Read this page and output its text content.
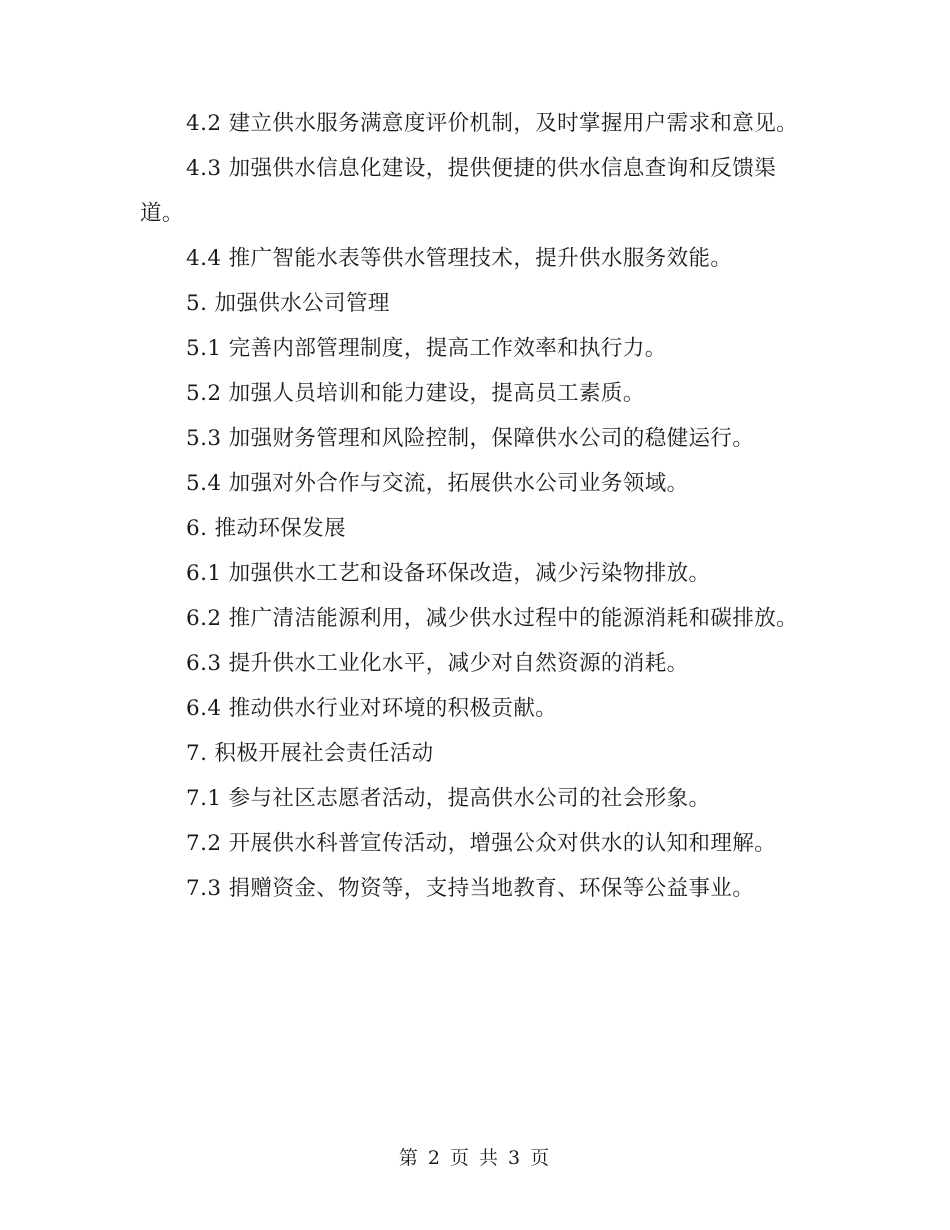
4.2 建立供水服务满意度评价机制，及时掌握用户需求和意见。

4.3 加强供水信息化建设，提供便捷的供水信息查询和反馈渠道。

4.4 推广智能水表等供水管理技术，提升供水服务效能。

5. 加强供水公司管理

5.1 完善内部管理制度，提高工作效率和执行力。

5.2 加强人员培训和能力建设，提高员工素质。

5.3 加强财务管理和风险控制，保障供水公司的稳健运行。

5.4 加强对外合作与交流，拓展供水公司业务领域。

6. 推动环保发展

6.1 加强供水工艺和设备环保改造，减少污染物排放。

6.2 推广清洁能源利用，减少供水过程中的能源消耗和碳排放。

6.3 提升供水工业化水平，减少对自然资源的消耗。

6.4 推动供水行业对环境的积极贡献。

7. 积极开展社会责任活动

7.1 参与社区志愿者活动，提高供水公司的社会形象。

7.2 开展供水科普宣传活动，增强公众对供水的认知和理解。

7.3 捐赠资金、物资等，支持当地教育、环保等公益事业。

第 2 页 共 3 页
